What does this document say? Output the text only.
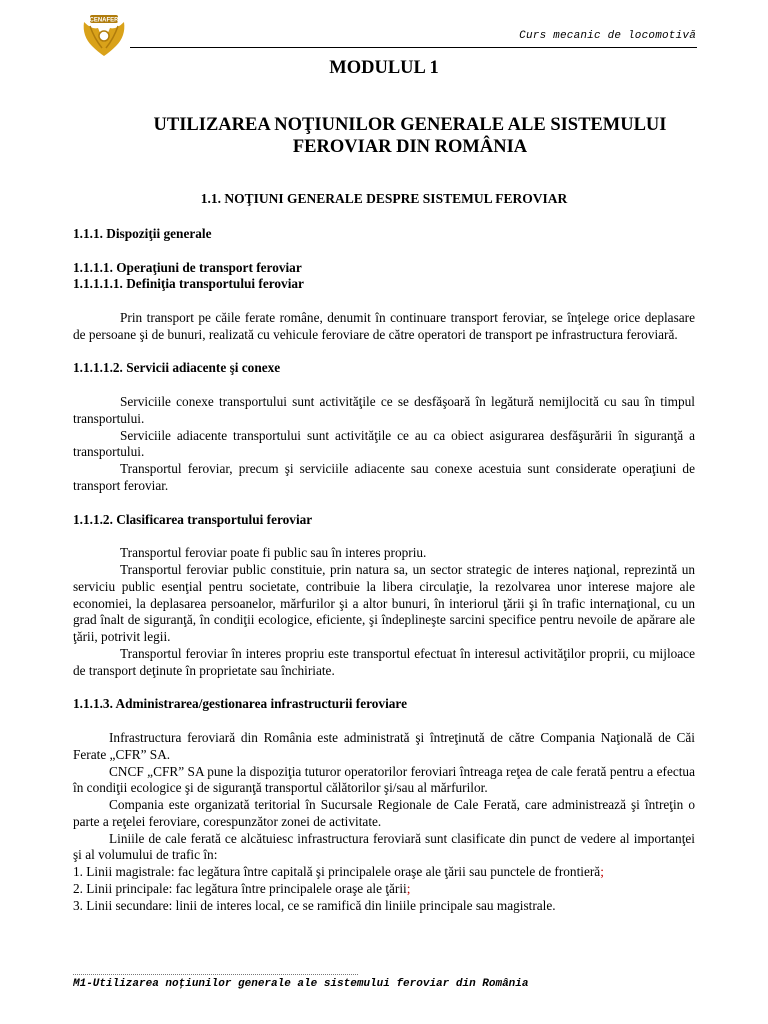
CENAFER
Curs mecanic de locomotivă
MODULUL 1
UTILIZAREA NOŢIUNILOR GENERALE ALE SISTEMULUI
FEROVIAR DIN ROMÂNIA
1.1. NOŢIUNI GENERALE DESPRE SISTEMUL FEROVIAR

1.1.1. Dispoziţii generale

1.1.1.1. Operaţiuni de transport feroviar

1.1.1.1.1. Definiţia transportului feroviar

Prin transport pe căile ferate române, denumit în continuare transport feroviar, se înţelege orice deplasare de persoane şi de bunuri, realizată cu vehicule feroviare de către operatori de transport pe infrastructura feroviară.

1.1.1.1.2. Servicii adiacente şi conexe

Serviciile conexe transportului sunt activităţile ce se desfăşoară în legătură nemijlocită cu sau în timpul transportului.

Serviciile adiacente transportului sunt activităţile ce au ca obiect asigurarea desfăşurării în siguranţă a transportului.

Transportul feroviar, precum şi serviciile adiacente sau conexe acestuia sunt considerate operaţiuni de transport feroviar.

1.1.1.2. Clasificarea transportului feroviar

Transportul feroviar poate fi public sau în interes propriu.

Transportul feroviar public constituie, prin natura sa, un sector strategic de interes naţional, reprezintă un serviciu public esenţial pentru societate, contribuie la libera circulaţie, la rezolvarea unor interese majore ale economiei, la deplasarea persoanelor, mărfurilor şi a altor bunuri, în interiorul ţării şi în trafic internaţional, cu un grad înalt de siguranţă, în condiţii ecologice, eficiente, şi îndeplineşte sarcini specifice pentru nevoile de apărare ale ţării, potrivit legii.

Transportul feroviar în interes propriu este transportul efectuat în interesul activităţilor proprii, cu mijloace de transport deţinute în proprietate sau închiriate.

1.1.1.3. Administrarea/gestionarea infrastructurii feroviare

Infrastructura feroviară din România este administrată şi întreţinută de către Compania Naţională de Căi Ferate „CFR” SA.

CNCF „CFR” SA pune la dispoziţia tuturor operatorilor feroviari întreaga reţea de cale ferată pentru a efectua în condiţii ecologice şi de siguranţă transportul călătorilor şi/sau al mărfurilor.

Compania este organizată teritorial în Sucursale Regionale de Cale Ferată, care administrează şi întreţin o parte a reţelei feroviare, corespunzător zonei de activitate.

Liniile de cale ferată ce alcătuiesc infrastructura feroviară sunt clasificate din punct de vedere al importanţei şi al volumului de trafic în:

1. Linii magistrale: fac legătura între capitală şi principalele oraşe ale ţării sau punctele de frontieră;

2. Linii principale: fac legătura între principalele oraşe ale ţării;

3. Linii secundare: linii de interes local, ce se ramifică din liniile principale sau magistrale.

M1-Utilizarea noţiunilor generale ale sistemului feroviar din România
